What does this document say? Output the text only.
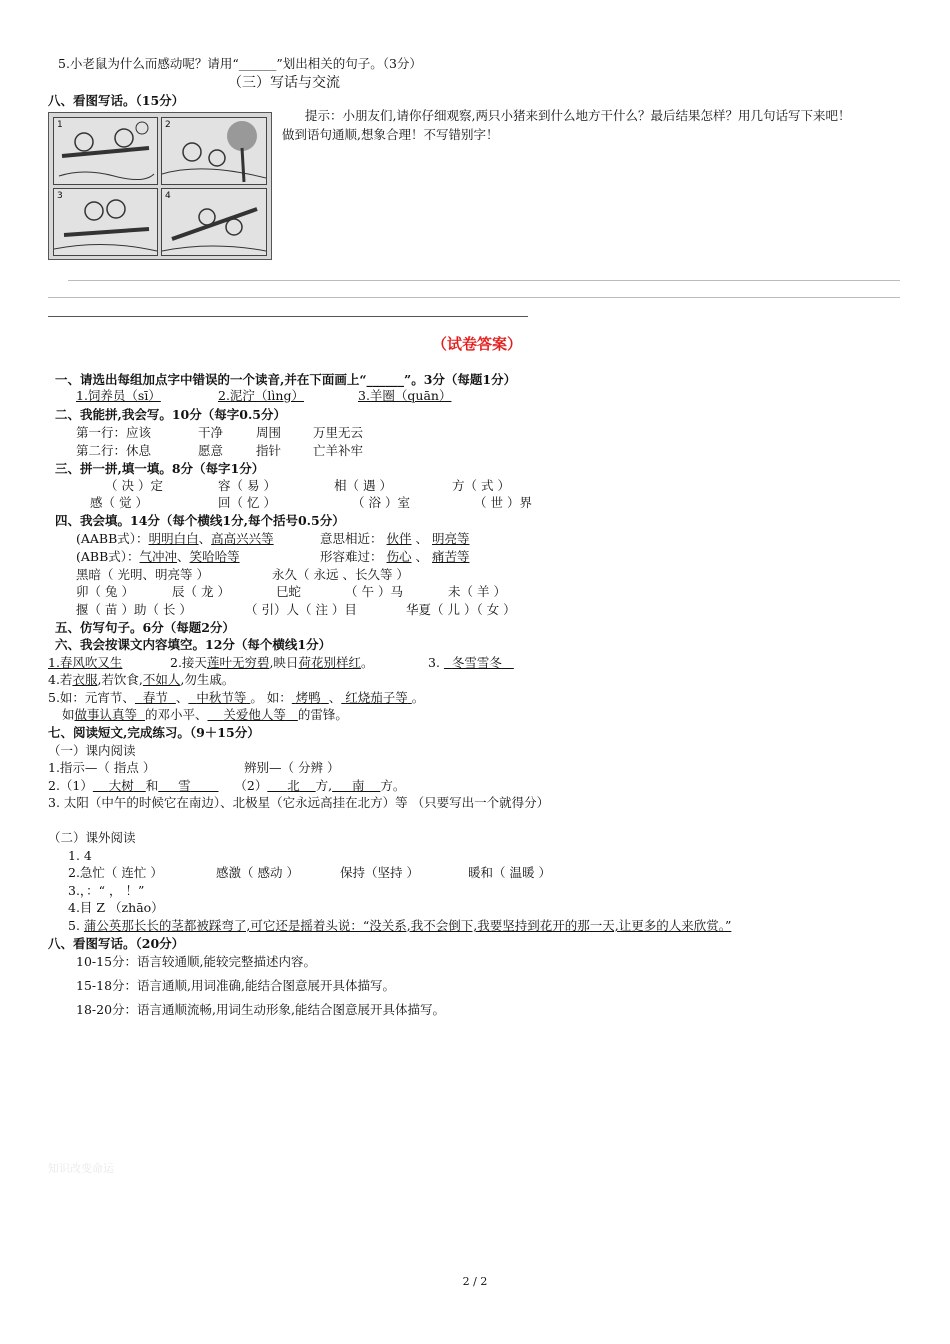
5.小老鼠为什么而感动呢？请用“______”划出相关的句子。（3分）
（三）写话与交流
八、看图写话。（15分）
1	2
3	4
提示：小朋友们,请你仔细观察,两只小猪来到什么地方干什么？最后结果怎样？用几句话写下来吧！
做到语句通顺,想象合理！不写错别字！
（试卷答案）
一、请选出每组加点字中错误的一个读音,并在下面画上“______”。3分（每题1分）
1.饲养员（sī）	2.泥泞（lìng）	3.羊圈（quān）
二、我能拼,我会写。10分（每字0.5分）
第一行：应该	干净	周围	万里无云
第二行：休息	愿意	指针	亡羊补牢
三、拼一拼,填一填。8分（每字1分）
（ 决 ）定	容（ 易 ）	相（ 遇 ）	方（ 式 ）
感（ 觉 ）	回（ 忆 ）	（ 浴 ）室	（ 世 ）界
四、我会填。14分（每个横线1分,每个括号0.5分）
(AABB式）：明明白白、高高兴兴等	意思相近： 伙伴 、 明亮等
(ABB式）：气冲冲、笑哈哈等	形容难过： 伤心 、 痛苦等
黑暗（ 光明、明亮等 ）	永久（ 永远 、长久等 ）
卯（ 兔 ）	辰（ 龙 ）	巳蛇	（ 午 ）马	未（ 羊 ）
揠（ 苗 ）助（ 长 ）	（ 引）人（ 注 ）目	华夏（ 儿 ）（ 女 ）
五、仿写句子。6分（每题2分）
六、我会按课文内容填空。12分（每个横线1分）
1.春风吹又生	2.接天莲叶无穷碧,映日荷花别样红。	3. 冬雪雪冬
4.若衣服,若饮食,不如人,勿生戚。
5.如：元宵节、 春节 、 中秋节等 。 如： 烤鸭 、 红烧茄子等 。
如做事认真等 的邓小平、 关爱他人等 的雷锋。
七、阅读短文,完成练习。（9＋15分）
（一）课内阅读
1.指示—（ 指点 ）	辨别—（ 分辨 ）
2.（1） 大树 和 雪	（2） 北 方, 南 方。
3. 太阳（中午的时候它在南边）、北极星（它永远高挂在北方）等 （只要写出一个就得分）
（二）课外阅读
1. 4
2.急忙（ 连忙 ）	感激（ 感动 ）	保持（坚持 ）	暖和（ 温暖 ）
3.，：“ ， ！”
4.目 Z （zhāo）
5. 蒲公英那长长的茎都被踩弯了,可它还是摇着头说：“没关系,我不会倒下,我要坚持到花开的那一天,让更多的人来欣赏。”
八、看图写话。（20分）
10-15分：语言较通顺,能较完整描述内容。
15-18分：语言通顺,用词准确,能结合图意展开具体描写。
18-20分：语言通顺流畅,用词生动形象,能结合图意展开具体描写。
知识改变命运
2 / 2
